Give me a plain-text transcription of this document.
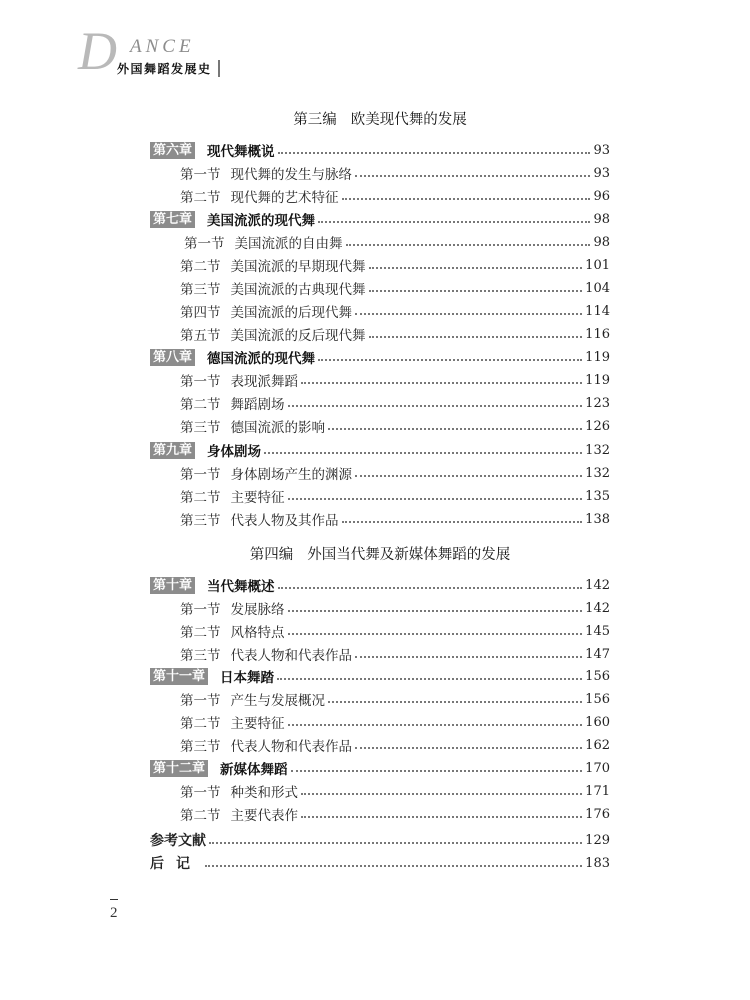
D ANCE
外国舞蹈发展史
第三编 欧美现代舞的发展
第六章 现代舞概说	93
第一节 现代舞的发生与脉络	93
第二节 现代舞的艺术特征	96
第七章 美国流派的现代舞	98
第一节 美国流派的自由舞	98
第二节 美国流派的早期现代舞	101
第三节 美国流派的古典现代舞	104
第四节 美国流派的后现代舞	114
第五节 美国流派的反后现代舞	116
第八章 德国流派的现代舞	119
第一节 表现派舞蹈	119
第二节 舞蹈剧场	123
第三节 德国流派的影响	126
第九章 身体剧场	132
第一节 身体剧场产生的渊源	132
第二节 主要特征	135
第三节 代表人物及其作品	138
第四编 外国当代舞及新媒体舞蹈的发展
第十章 当代舞概述	142
第一节 发展脉络	142
第二节 风格特点	145
第三节 代表人物和代表作品	147
第十一章 日本舞踏	156
第一节 产生与发展概况	156
第二节 主要特征	160
第三节 代表人物和代表作品	162
第十二章 新媒体舞蹈	170
第一节 种类和形式	171
第二节 主要代表作	176
参考文献	129
后记	183
2
